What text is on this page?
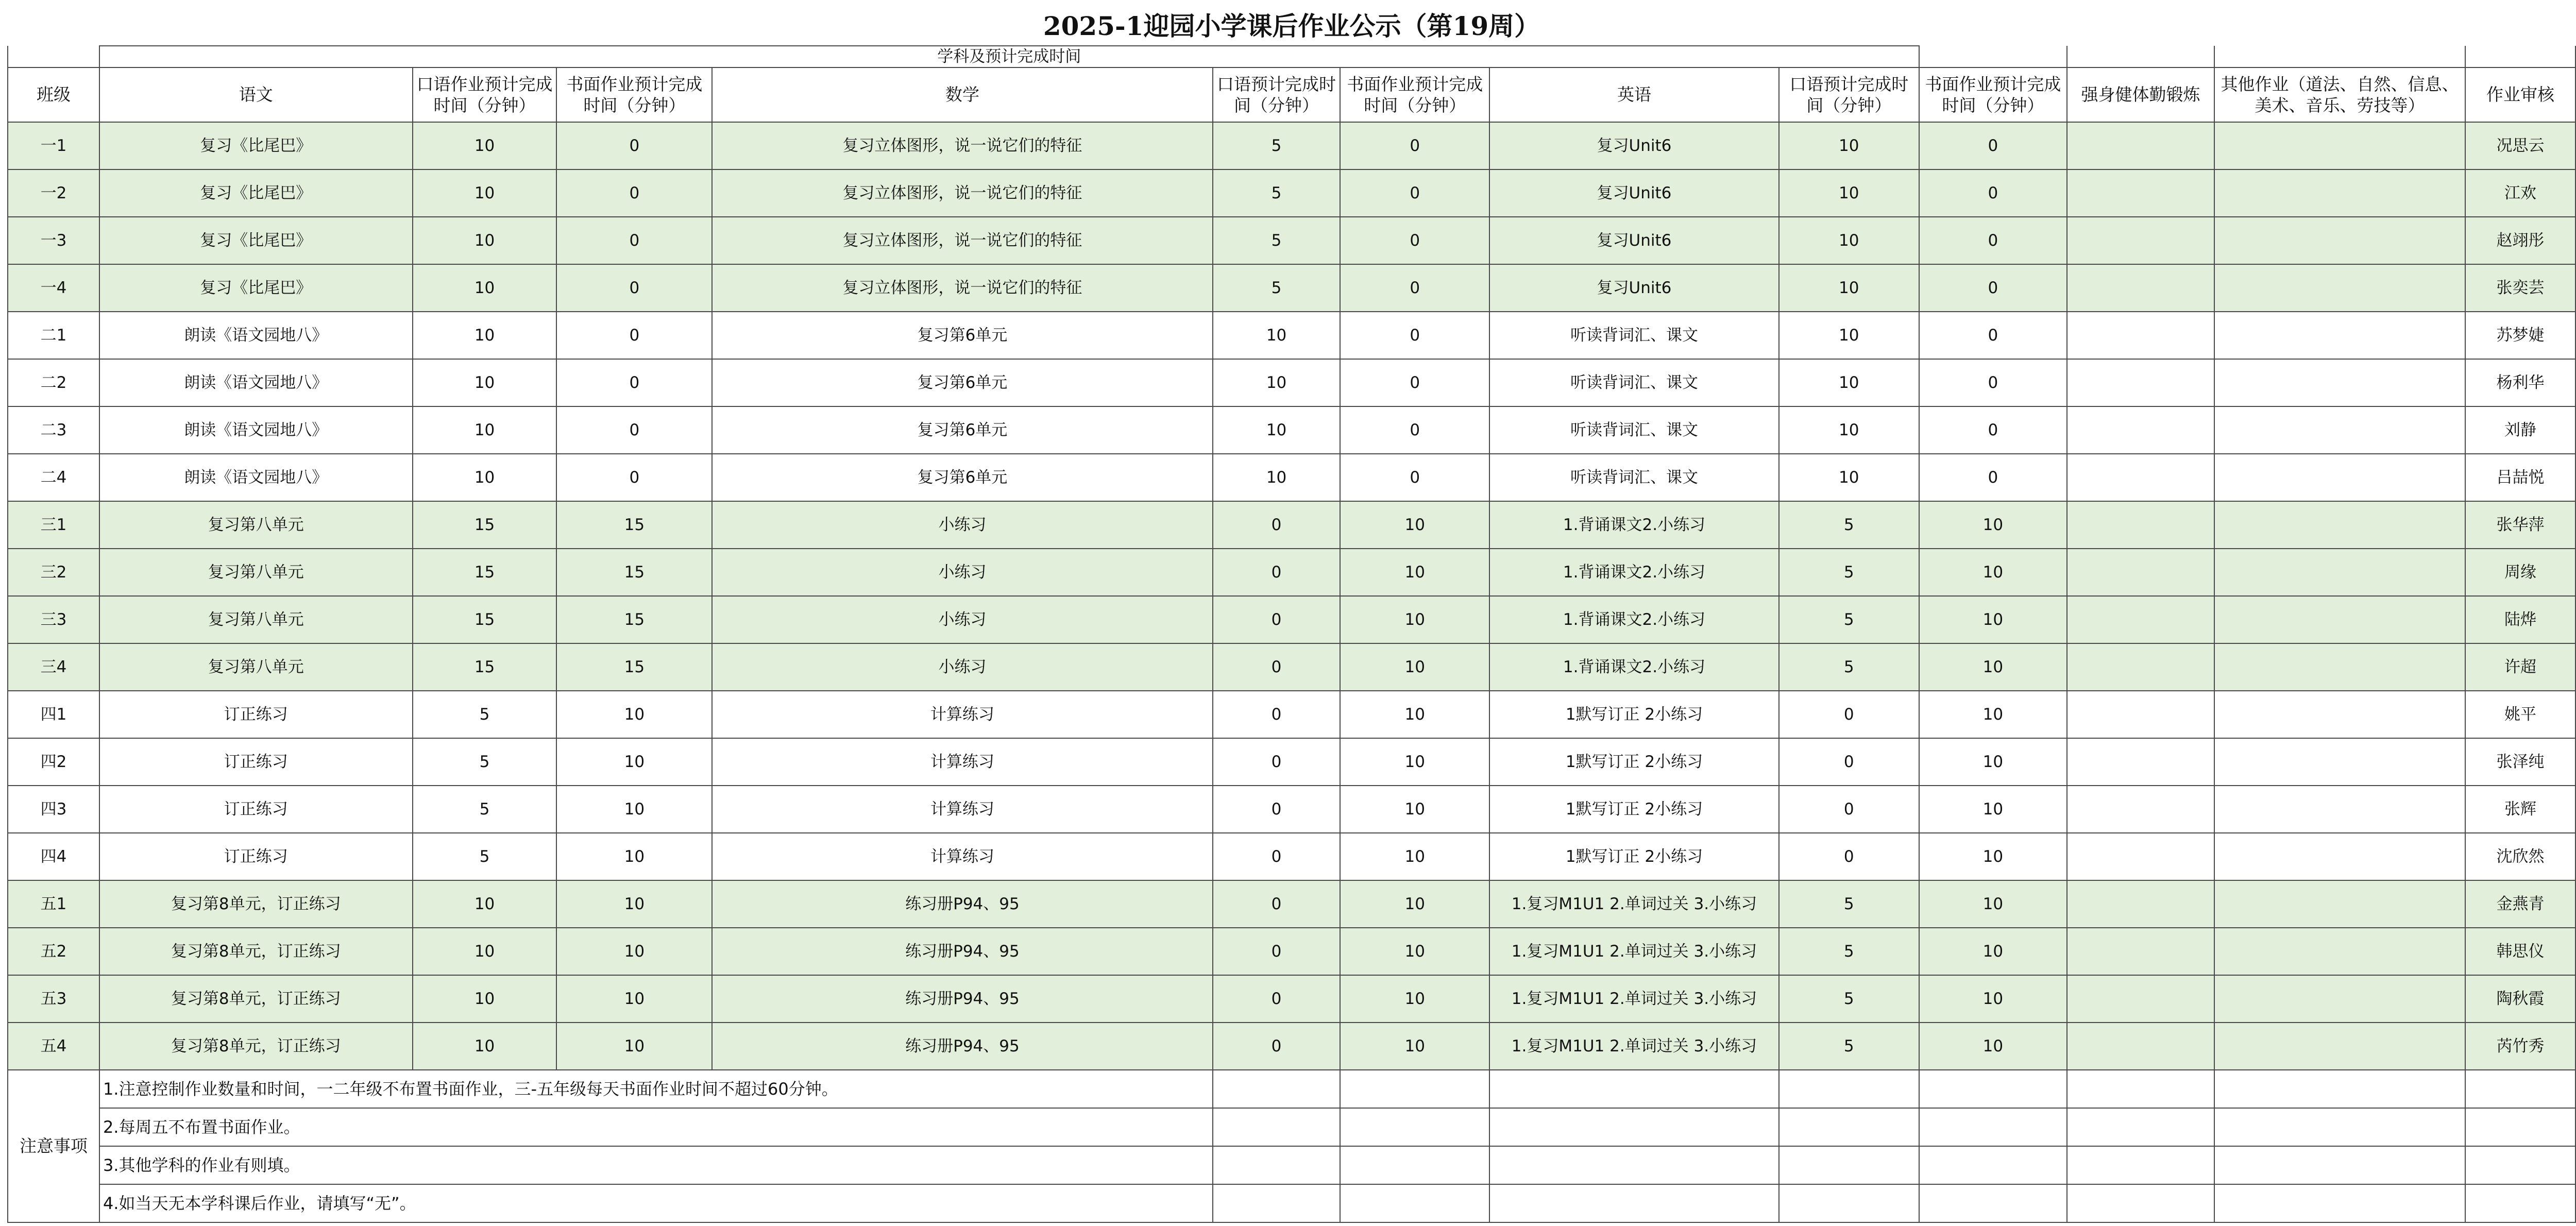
2025-1迎园小学课后作业公示（第19周）												
	学科及预计完成时间											
班级	语文	口语作业预计完成时间（分钟）	书面作业预计完成时间（分钟）	数学	口语预计完成时间（分钟）	书面作业预计完成时间（分钟）	英语	口语预计完成时间（分钟）	书面作业预计完成时间（分钟）	强身健体勤锻炼	其他作业（道法、自然、信息、美术、音乐、劳技等）	作业审核
一1	复习《比尾巴》	10	0	复习立体图形，说一说它们的特征	5	0	复习Unit6	10	0			况思云
一2	复习《比尾巴》	10	0	复习立体图形，说一说它们的特征	5	0	复习Unit6	10	0			江欢
一3	复习《比尾巴》	10	0	复习立体图形，说一说它们的特征	5	0	复习Unit6	10	0			赵翊彤
一4	复习《比尾巴》	10	0	复习立体图形，说一说它们的特征	5	0	复习Unit6	10	0			张奕芸
二1	朗读《语文园地八》	10	0	复习第6单元	10	0	听读背词汇、课文	10	0			苏梦婕
二2	朗读《语文园地八》	10	0	复习第6单元	10	0	听读背词汇、课文	10	0			杨利华
二3	朗读《语文园地八》	10	0	复习第6单元	10	0	听读背词汇、课文	10	0			刘静
二4	朗读《语文园地八》	10	0	复习第6单元	10	0	听读背词汇、课文	10	0			吕喆悦
三1	复习第八单元	15	15	小练习	0	10	1.背诵课文2.小练习	5	10			张华萍
三2	复习第八单元	15	15	小练习	0	10	1.背诵课文2.小练习	5	10			周缘
三3	复习第八单元	15	15	小练习	0	10	1.背诵课文2.小练习	5	10			陆烨
三4	复习第八单元	15	15	小练习	0	10	1.背诵课文2.小练习	5	10			许超
四1	订正练习	5	10	计算练习	0	10	1默写订正 2小练习	0	10			姚平
四2	订正练习	5	10	计算练习	0	10	1默写订正 2小练习	0	10			张泽纯
四3	订正练习	5	10	计算练习	0	10	1默写订正 2小练习	0	10			张辉
四4	订正练习	5	10	计算练习	0	10	1默写订正 2小练习	0	10			沈欣然
五1	复习第8单元，订正练习	10	10	练习册P94、95	0	10	1.复习M1U1 2.单词过关 3.小练习	5	10			金燕青
五2	复习第8单元，订正练习	10	10	练习册P94、95	0	10	1.复习M1U1 2.单词过关 3.小练习	5	10			韩思仪
五3	复习第8单元，订正练习	10	10	练习册P94、95	0	10	1.复习M1U1 2.单词过关 3.小练习	5	10			陶秋霞
五4	复习第8单元，订正练习	10	10	练习册P94、95	0	10	1.复习M1U1 2.单词过关 3.小练习	5	10			芮竹秀
注意事项	1.注意控制作业数量和时间，一二年级不布置书面作业，三-五年级每天书面作业时间不超过60分钟。											
	2.每周五不布置书面作业。											
	3.其他学科的作业有则填。											
	4.如当天无本学科课后作业，请填写“无”。											
